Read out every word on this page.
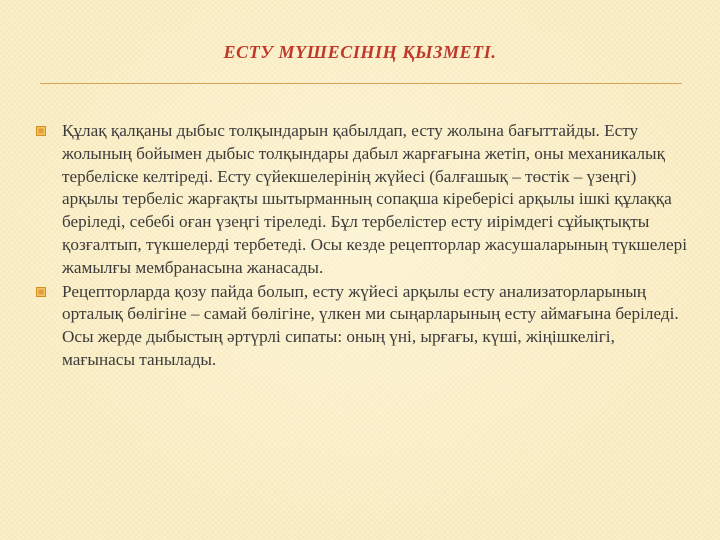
ЕСТУ МҮШЕСІНІҢ ҚЫЗМЕТІ.
Құлақ қалқаны дыбыс толқындарын қабылдап, есту жолына бағыттайды. Есту жолының бойымен дыбыс толқындары дабыл жарғағына жетіп, оны механикалық тербеліске келтіреді. Есту сүйекшелерінің жүйесі (балғашық – төстік – үзеңгі) арқылы тербеліс жарғақты шытырманның сопақша кіреберісі арқылы ішкі құлаққа беріледі, себебі оған үзеңгі тіреледі. Бұл тербелістер есту иірімдегі сұйықтықты қозғалтып, түкшелерді тербетеді. Осы кезде рецепторлар жасушаларының түкшелері жамылғы мембранасына жанасады.
Рецепторларда қозу пайда болып, есту жүйесі арқылы есту анализаторларының орталық бөлігіне – самай бөлігіне, үлкен ми сыңарларының есту аймағына беріледі. Осы жерде дыбыстың әртүрлі сипаты: оның үні, ырғағы, күші, жіңішкелігі, мағынасы танылады.
